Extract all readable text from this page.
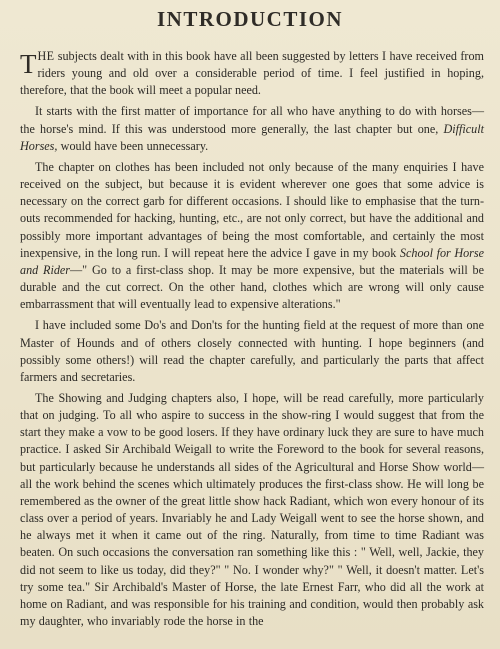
INTRODUCTION

THE subjects dealt with in this book have all been suggested by letters I have received from riders young and old over a considerable period of time. I feel justified in hoping, therefore, that the book will meet a popular need.

It starts with the first matter of importance for all who have anything to do with horses—the horse's mind. If this was understood more generally, the last chapter but one, Difficult Horses, would have been unnecessary.

The chapter on clothes has been included not only because of the many enquiries I have received on the subject, but because it is evident wherever one goes that some advice is necessary on the correct garb for different occasions. I should like to emphasise that the turn-outs recommended for hacking, hunting, etc., are not only correct, but have the additional and possibly more important advantages of being the most comfortable, and certainly the most inexpensive, in the long run. I will repeat here the advice I gave in my book School for Horse and Rider—" Go to a first-class shop. It may be more expensive, but the materials will be durable and the cut correct. On the other hand, clothes which are wrong will only cause embarrassment that will eventually lead to expensive alterations."

I have included some Do's and Don'ts for the hunting field at the request of more than one Master of Hounds and of others closely connected with hunting. I hope beginners (and possibly some others!) will read the chapter carefully, and particularly the parts that affect farmers and secretaries.

The Showing and Judging chapters also, I hope, will be read carefully, more particularly that on judging. To all who aspire to success in the show-ring I would suggest that from the start they make a vow to be good losers. If they have ordinary luck they are sure to have much practice. I asked Sir Archibald Weigall to write the Foreword to the book for several reasons, but particularly because he understands all sides of the Agricultural and Horse Show world—all the work behind the scenes which ultimately produces the first-class show. He will long be remembered as the owner of the great little show hack Radiant, which won every honour of its class over a period of years. Invariably he and Lady Weigall went to see the horse shown, and he always met it when it came out of the ring. Naturally, from time to time Radiant was beaten. On such occasions the conversation ran something like this : " Well, well, Jackie, they did not seem to like us today, did they?" " No. I wonder why?" " Well, it doesn't matter. Let's try some tea." Sir Archibald's Master of Horse, the late Ernest Farr, who did all the work at home on Radiant, and was responsible for his training and condition, would then probably ask my daughter, who invariably rode the horse in the
